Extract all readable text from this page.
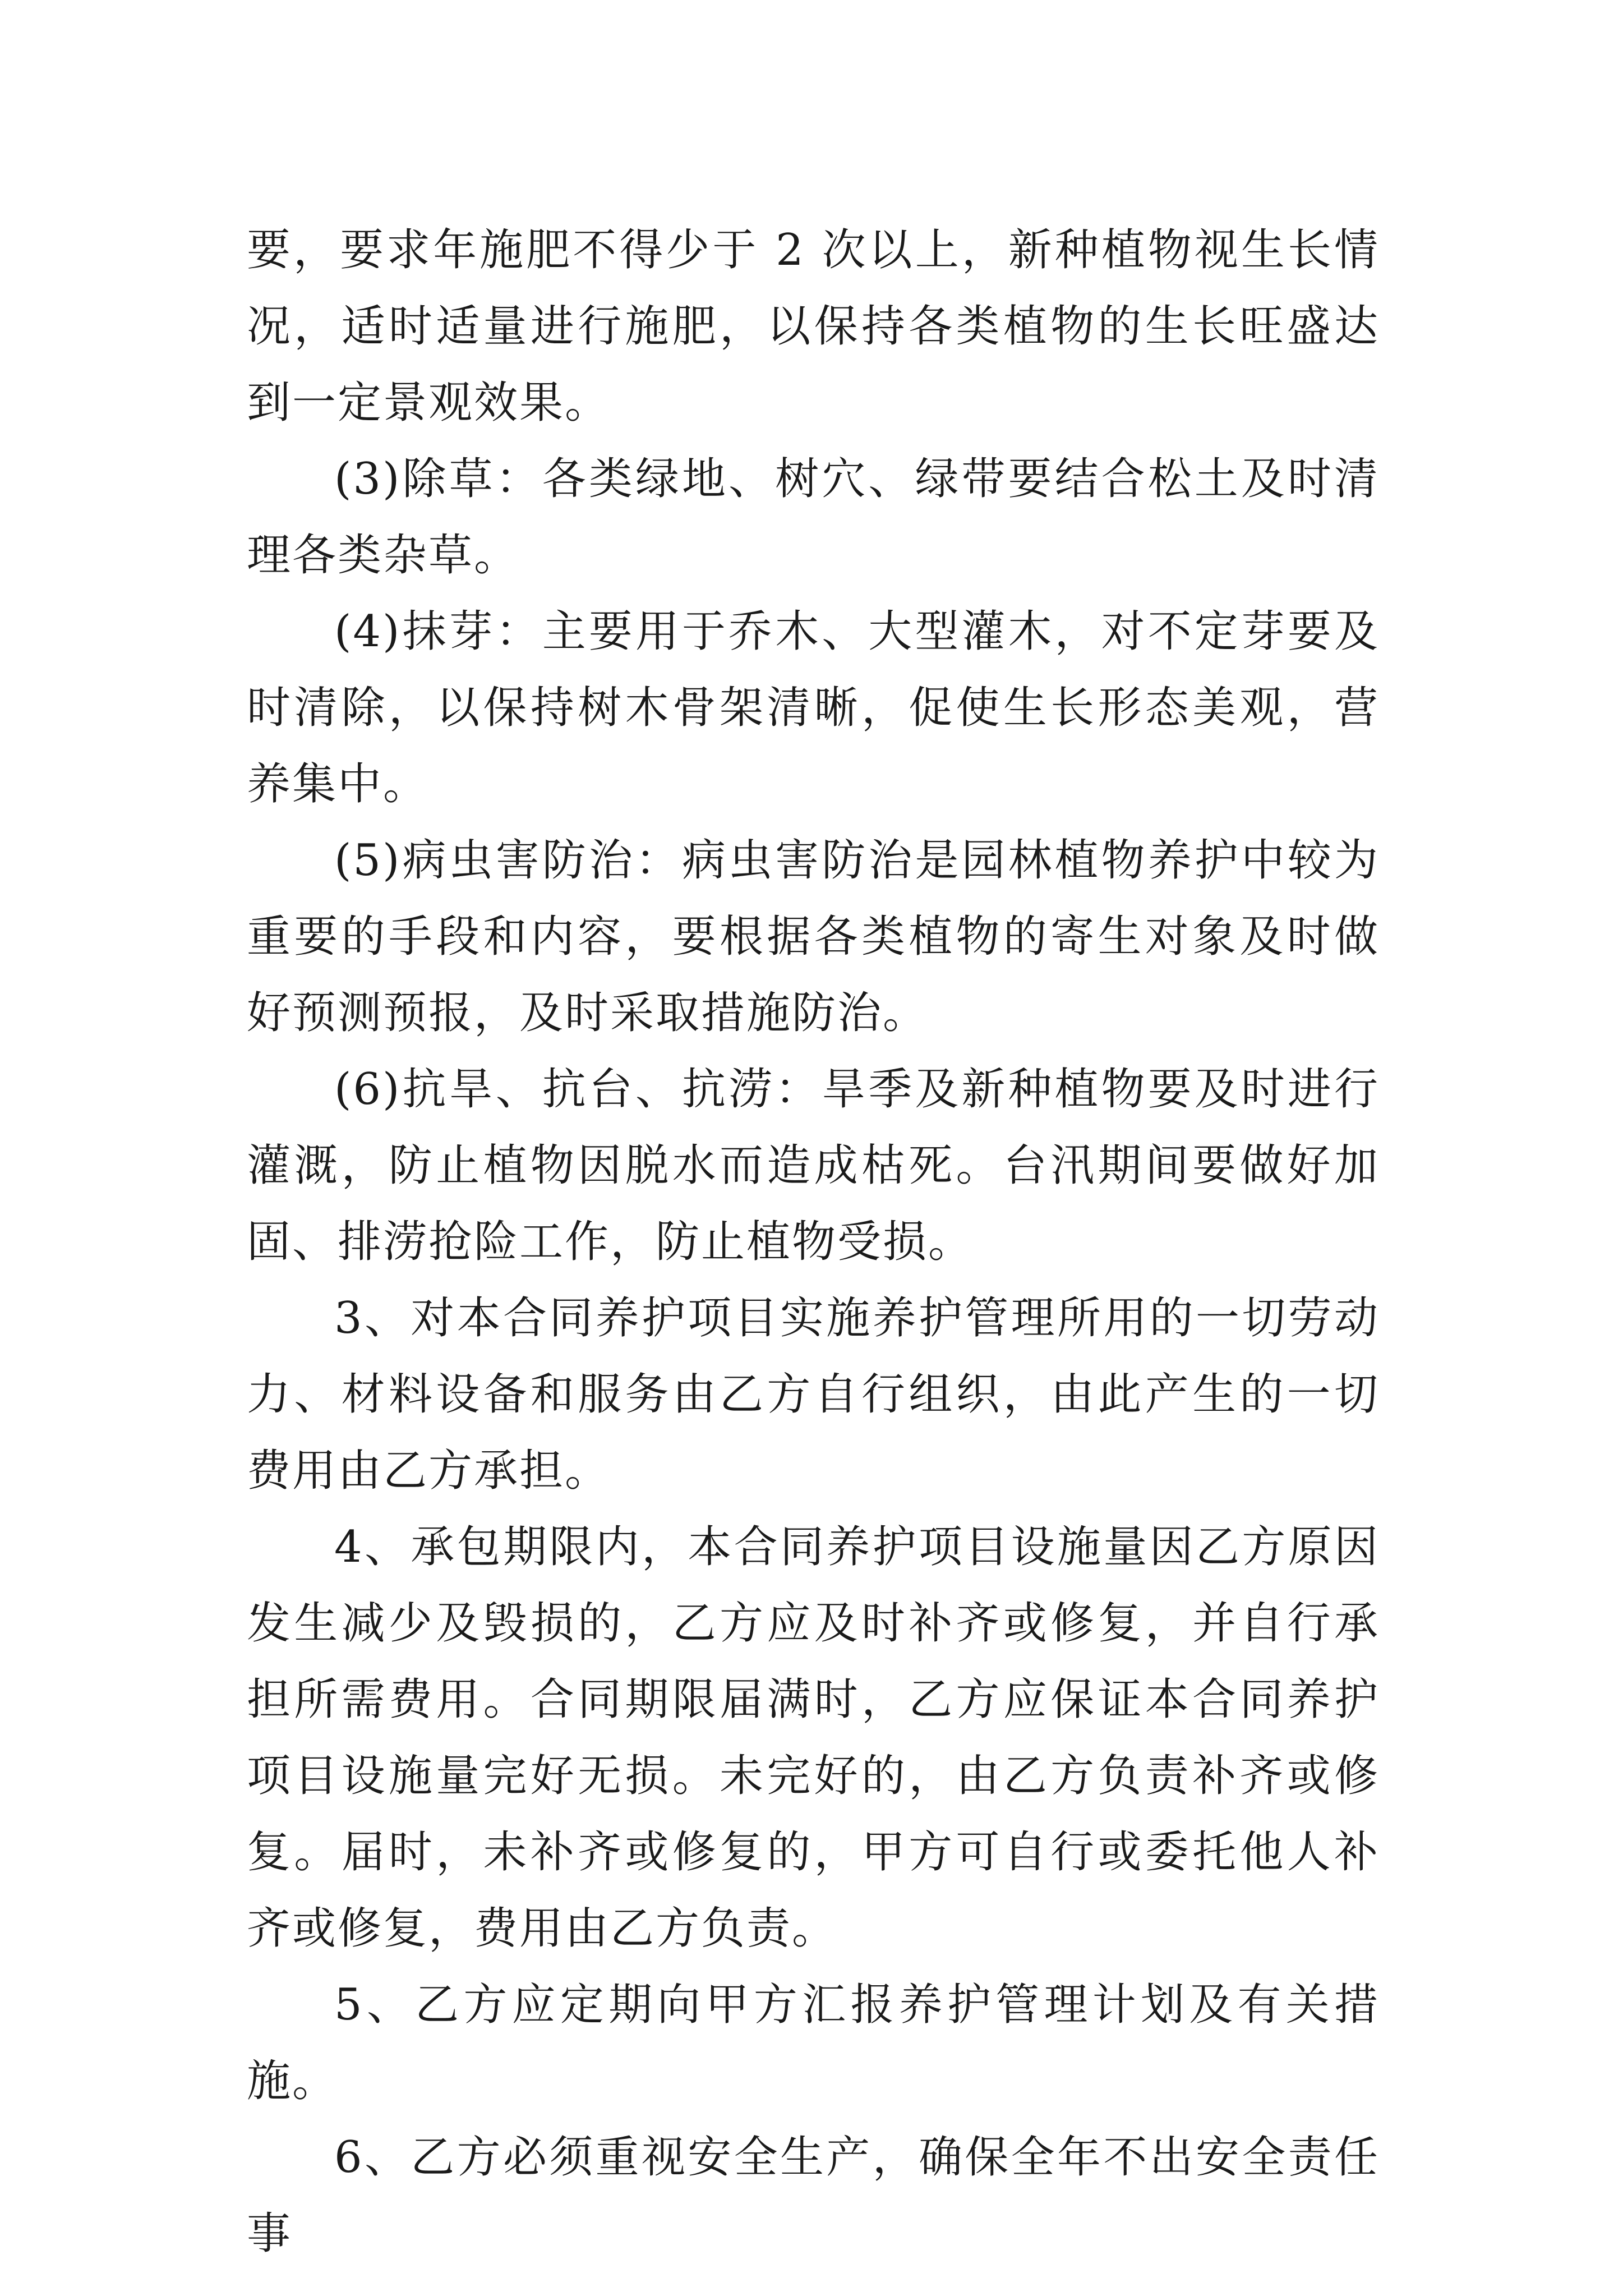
要，要求年施肥不得少于 2 次以上，新种植物视生长情况，适时适量进行施肥，以保持各类植物的生长旺盛达到一定景观效果。

(3)除草：各类绿地、树穴、绿带要结合松土及时清理各类杂草。

(4)抹芽：主要用于乔木、大型灌木，对不定芽要及时清除，以保持树木骨架清晰，促使生长形态美观，营养集中。

(5)病虫害防治：病虫害防治是园林植物养护中较为重要的手段和内容，要根据各类植物的寄生对象及时做好预测预报，及时采取措施防治。

(6)抗旱、抗台、抗涝：旱季及新种植物要及时进行灌溉，防止植物因脱水而造成枯死。台汛期间要做好加固、排涝抢险工作，防止植物受损。

3、对本合同养护项目实施养护管理所用的一切劳动力、材料设备和服务由乙方自行组织，由此产生的一切费用由乙方承担。

4、承包期限内，本合同养护项目设施量因乙方原因发生减少及毁损的，乙方应及时补齐或修复，并自行承担所需费用。合同期限届满时，乙方应保证本合同养护项目设施量完好无损。未完好的，由乙方负责补齐或修复。届时，未补齐或修复的，甲方可自行或委托他人补齐或修复，费用由乙方负责。

5、乙方应定期向甲方汇报养护管理计划及有关措施。

6、乙方必须重视安全生产，确保全年不出安全责任事
